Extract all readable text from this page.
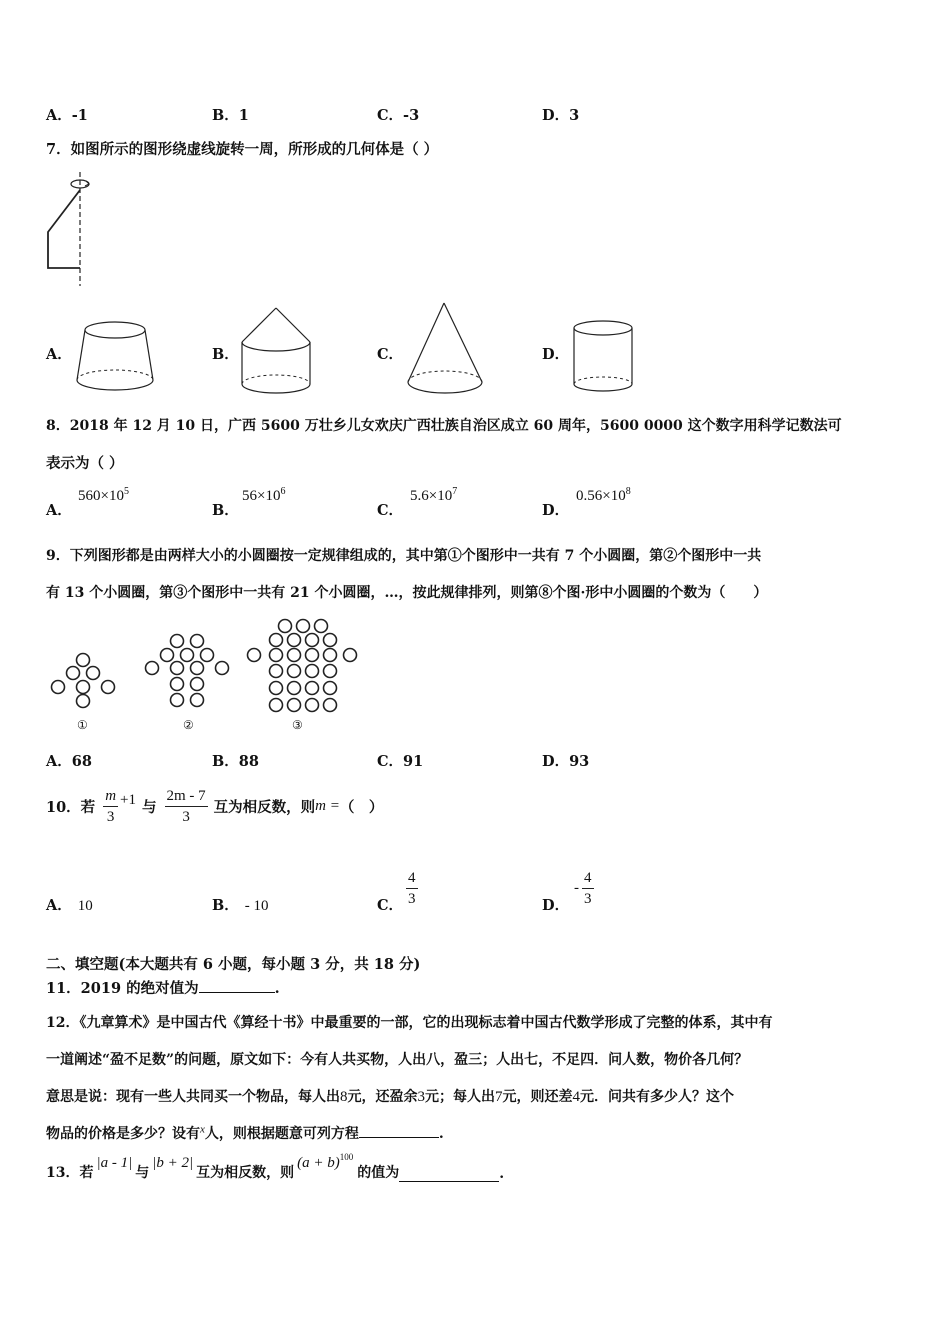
A．-1	B．1	C．-3	D．3
7．如图所示的图形绕虚线旋转一周，所形成的几何体是（ ）
A．	B．	C．	D．
8．2018 年 12 月 10 日，广西 5600 万壮乡儿女欢庆广西壮族自治区成立 60 周年，5600 0000 这个数字用科学记数法可
表示为（ ）
A．
$560\times 10^5$
B．
$56\times 10^6$
C．
$5.6\times 10^7$
D．
$0.56\times 10^8$
9．下列图形都是由两样大小的小圆圈按一定规律组成的，其中第①个图形中一共有 7 个小圆圈，第②个图形中一共
有 13 个小圆圈，第③个图形中一共有 21 个小圆圈，…，按此规律排列，则第⑧个图·形中小圆圈的个数为（　　）
①	②	③
A．68	B．88	C．91	D．93
10．若 $\frac{m}{3} +1$ 与 $\frac{2m - 7}{3}$ 互为相反数，则 m = （　）
A． 10	B． - 10	C． $\frac{4}{3}$	D．
- $\frac{4}{3}$
二、填空题(本大题共有 6 小题，每小题 3 分，共 18 分)
11．2019 的绝对值为	.
12．《九章算术》是中国古代《算经十书》中最重要的一部，它的出现标志着中国古代数学形成了完整的体系，其中有
一道阐述“盈不足数”的问题，原文如下：今有人共买物，人出八，盈三；人出七，不足四．问人数，物价各几何？
意思是说：现有一些人共同买一个物品，每人出8元，还盈余3元；每人出7元，则还差4元．问共有多少人？这个
物品的价格是多少？设有$^x$人，则根据题意可列方程	.
13．若
|a - 1|
与
|b + 2|
互为相反数，则
(a + b) 100
的值为	.
